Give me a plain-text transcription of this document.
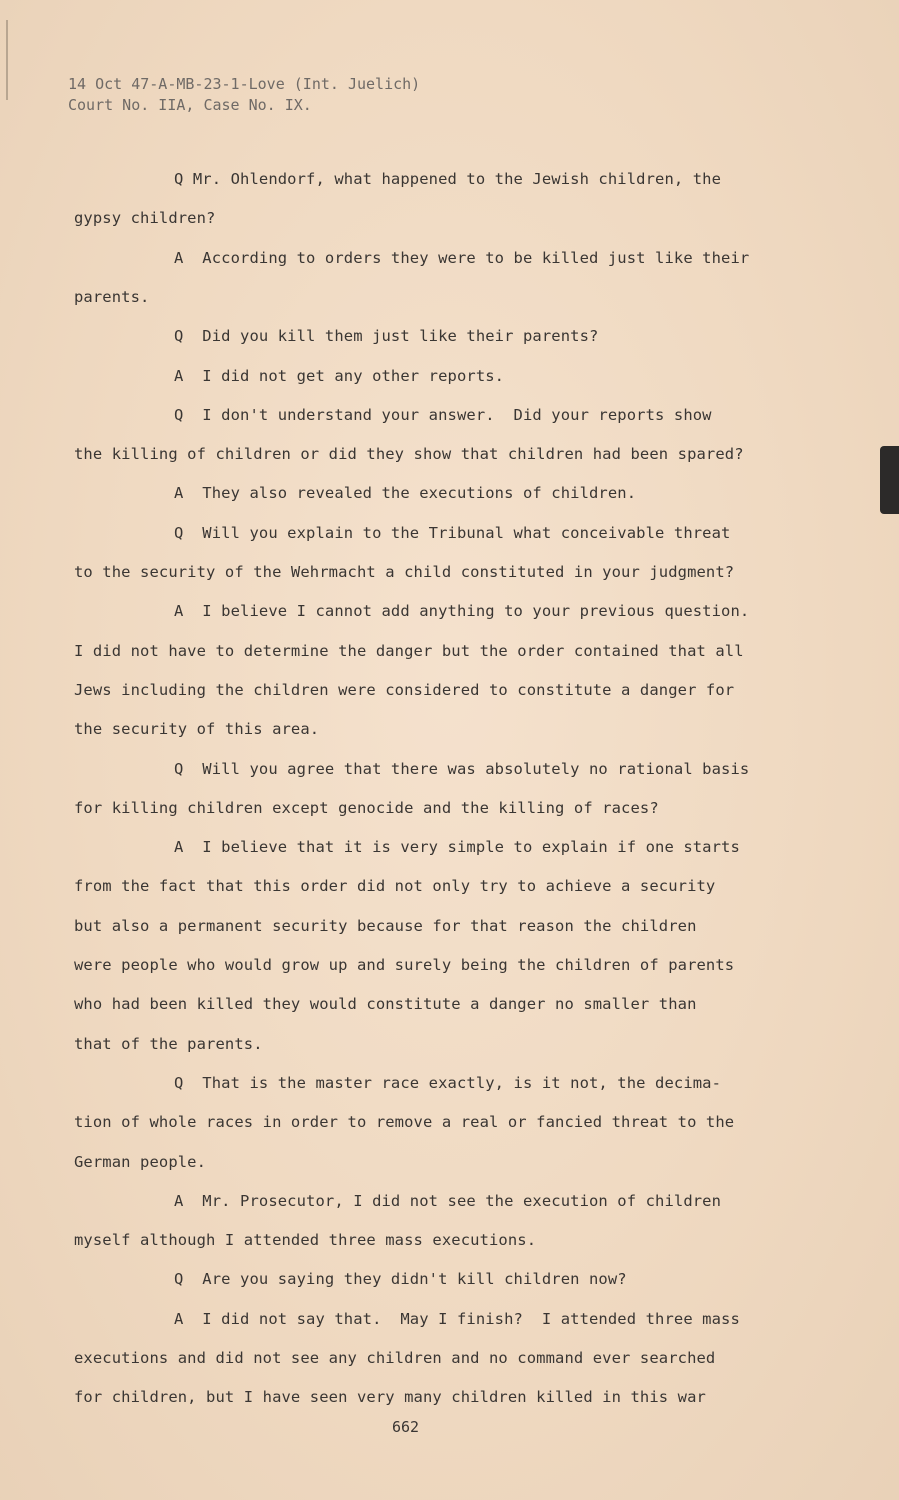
14 Oct 47-A-MB-23-1-Love (Int. Juelich)
Court No. IIA, Case No. IX.
Q Mr. Ohlendorf, what happened to the Jewish children, the
gypsy children?
A  According to orders they were to be killed just like their
parents.
Q  Did you kill them just like their parents?
A  I did not get any other reports.
Q  I don't understand your answer.  Did your reports show
the killing of children or did they show that children had been spared?
A  They also revealed the executions of children.
Q  Will you explain to the Tribunal what conceivable threat
to the security of the Wehrmacht a child constituted in your judgment?
A  I believe I cannot add anything to your previous question.
I did not have to determine the danger but the order contained that all
Jews including the children were considered to constitute a danger for
the security of this area.
Q  Will you agree that there was absolutely no rational basis
for killing children except genocide and the killing of races?
A  I believe that it is very simple to explain if one starts
from the fact that this order did not only try to achieve a security
but also a permanent security because for that reason the children
were people who would grow up and surely being the children of parents
who had been killed they would constitute a danger no smaller than
that of the parents.
Q  That is the master race exactly, is it not, the decima-
tion of whole races in order to remove a real or fancied threat to the
German people.
A  Mr. Prosecutor, I did not see the execution of children
myself although I attended three mass executions.
Q  Are you saying they didn't kill children now?
A  I did not say that.  May I finish?  I attended three mass
executions and did not see any children and no command ever searched
for children, but I have seen very many children killed in this war
662
